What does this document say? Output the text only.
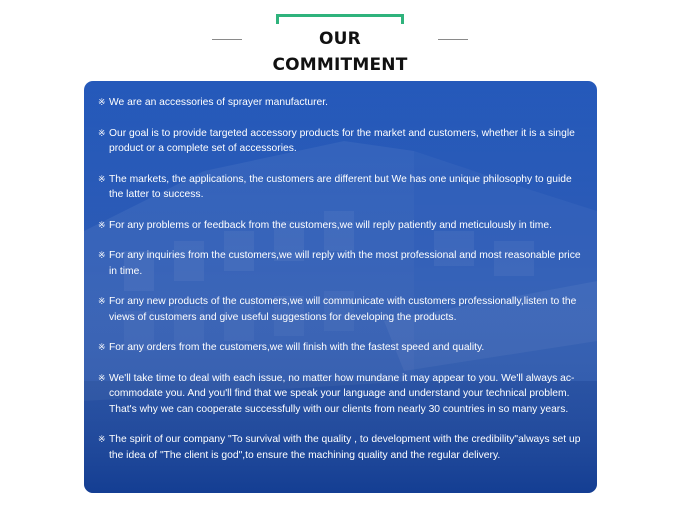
OUR COMMITMENT
※ We are an accessories of sprayer manufacturer.
※ Our goal is to provide targeted accessory products for the market and customers, whether it is a single product or a complete set of accessories.
※ The markets, the applications, the customers are different but We has one unique philosophy to guide the latter to success.
※ For any problems or feedback from the customers,we will reply patiently and meticulously in time.
※ For any inquiries from the customers,we will reply with the most professional and most reasonable price in time.
※ For any new products of the customers,we will communicate with customers professionally,listen to the views of customers and give useful suggestions for developing the products.
※ For any orders from the customers,we will finish with the fastest speed and quality.
※ We'll take time to deal with each issue, no matter how mundane it may appear to you. We'll always ac- commodate you. And you'll find that we speak your language and understand your technical problem. That's why we can cooperate successfully with our clients from nearly 30 countries in so many years.
※ The spirit of our company "To survival with the quality , to development with the credibility"always set up the idea of "The client is god",to ensure the machining quality and the regular delivery.
